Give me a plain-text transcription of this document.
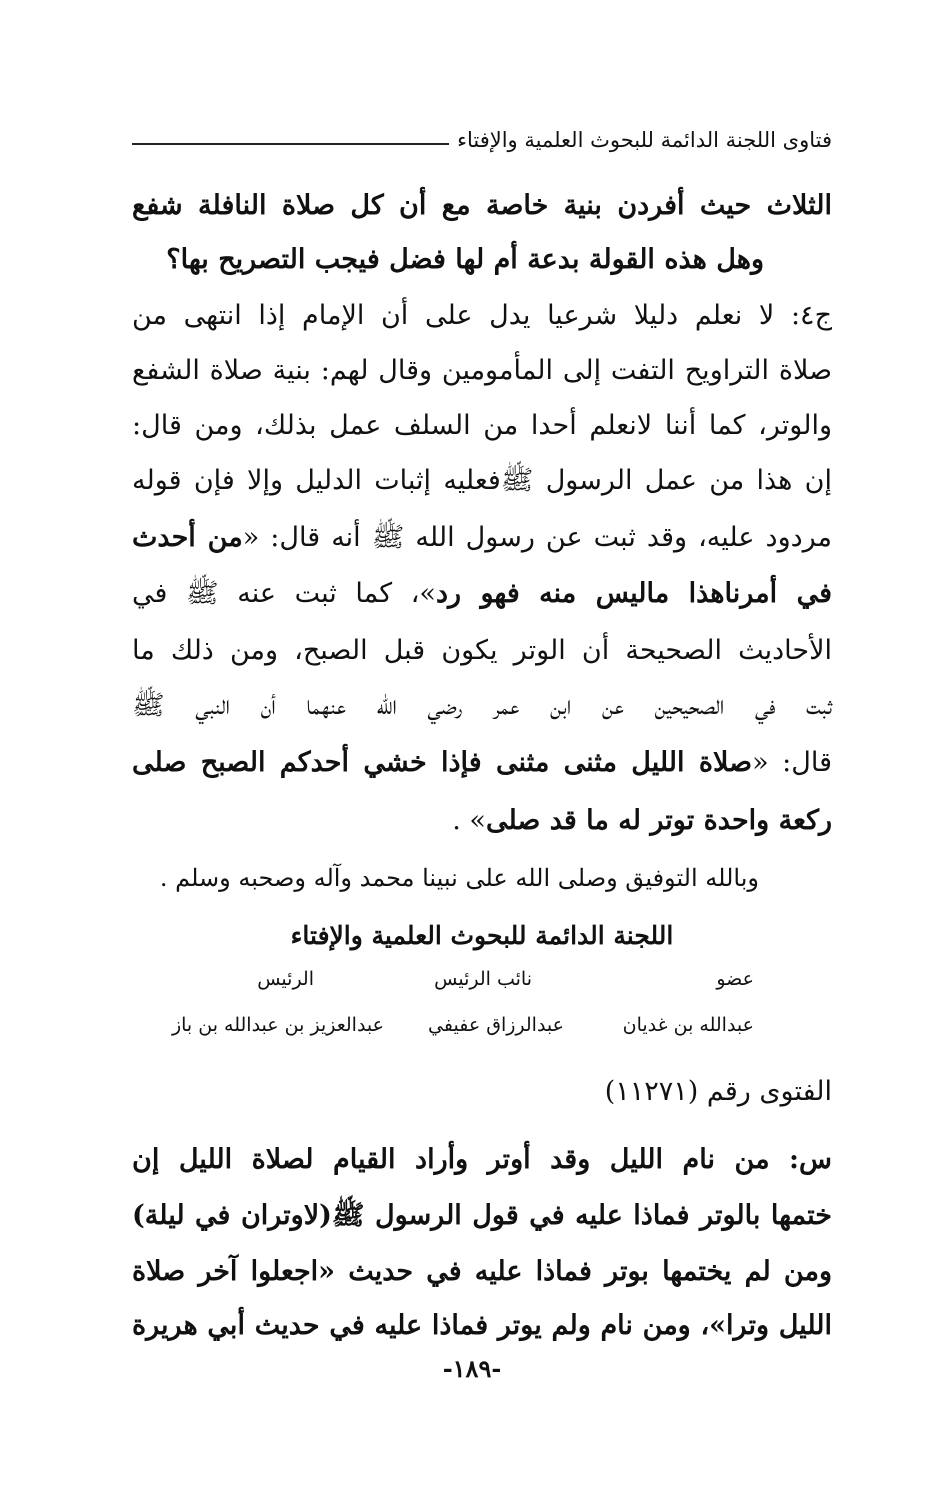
فتاوى اللجنة الدائمة للبحوث العلمية والإفتاء
الثلاث حيث أفردن بنية خاصة مع أن كل صلاة النافلة شفع
وهل هذه القولة بدعة أم لها فضل فيجب التصريح بها؟
ج٤: لا نعلم دليلا شرعيا يدل على أن الإمام إذا انتهى من
صلاة التراويح التفت إلى المأمومين وقال لهم: بنية صلاة الشفع
والوتر، كما أننا لانعلم أحدا من السلف عمل بذلك، ومن قال:
إن هذا من عمل الرسول ﷺفعليه إثبات الدليل وإلا فإن قوله
مردود عليه، وقد ثبت عن رسول الله ﷺ أنه قال: «من أحدث
في أمرناهذا ماليس منه فهو رد»، كما ثبت عنه ﷺ في
الأحاديث الصحيحة أن الوتر يكون قبل الصبح، ومن ذلك ما
ثبت في الصحيحين عن ابن عمر رضي الله عنهما أن النبي ﷺ
قال: «صلاة الليل مثنى مثنى فإذا خشي أحدكم الصبح صلى
ركعة واحدة توتر له ما قد صلى» .
وبالله التوفيق وصلى الله على نبينا محمد وآله وصحبه وسلم .
اللجنة الدائمة للبحوث العلمية والإفتاء
عضو
نائب الرئيس
الرئيس
عبدالله بن غديان
عبدالرزاق عفيفي
عبدالعزيز بن عبدالله بن باز
الفتوى رقم (١١٢٧١)
س: من نام الليل وقد أوتر وأراد القيام لصلاة الليل إن
ختمها بالوتر فماذا عليه في قول الرسول ﷺ(لاوتران في ليلة)
ومن لم يختمها بوتر فماذا عليه في حديث «اجعلوا آخر صلاة
الليل وترا»، ومن نام ولم يوتر فماذا عليه في حديث أبي هريرة
-١٨٩-
